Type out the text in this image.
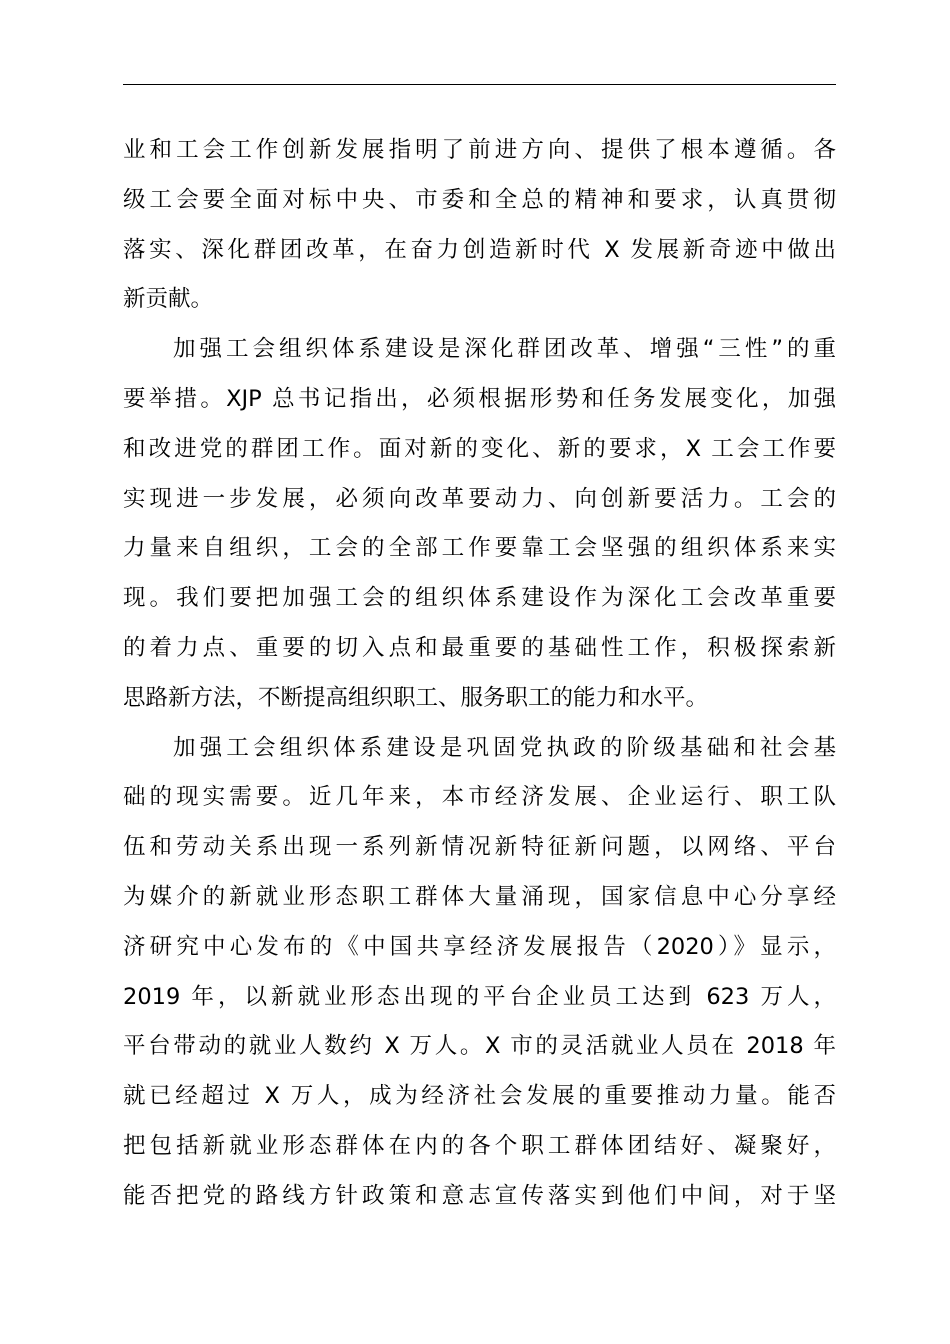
业和工会工作创新发展指明了前进方向、提供了根本遵循。各
级工会要全面对标中央、市委和全总的精神和要求，认真贯彻
落实、深化群团改革，在奋力创造新时代 X 发展新奇迹中做出
新贡献。
加强工会组织体系建设是深化群团改革、增强“三性”的重
要举措。XJP 总书记指出，必须根据形势和任务发展变化，加强
和改进党的群团工作。面对新的变化、新的要求，X 工会工作要
实现进一步发展，必须向改革要动力、向创新要活力。工会的
力量来自组织，工会的全部工作要靠工会坚强的组织体系来实
现。我们要把加强工会的组织体系建设作为深化工会改革重要
的着力点、重要的切入点和最重要的基础性工作，积极探索新
思路新方法，不断提高组织职工、服务职工的能力和水平。
加强工会组织体系建设是巩固党执政的阶级基础和社会基
础的现实需要。近几年来，本市经济发展、企业运行、职工队
伍和劳动关系出现一系列新情况新特征新问题，以网络、平台
为媒介的新就业形态职工群体大量涌现，国家信息中心分享经
济研究中心发布的《中国共享经济发展报告（2020）》显示，
2019 年，以新就业形态出现的平台企业员工达到 623 万人，
平台带动的就业人数约 X 万人。X 市的灵活就业人员在 2018 年
就已经超过 X 万人，成为经济社会发展的重要推动力量。能否
把包括新就业形态群体在内的各个职工群体团结好、凝聚好，
能否把党的路线方针政策和意志宣传落实到他们中间，对于坚
